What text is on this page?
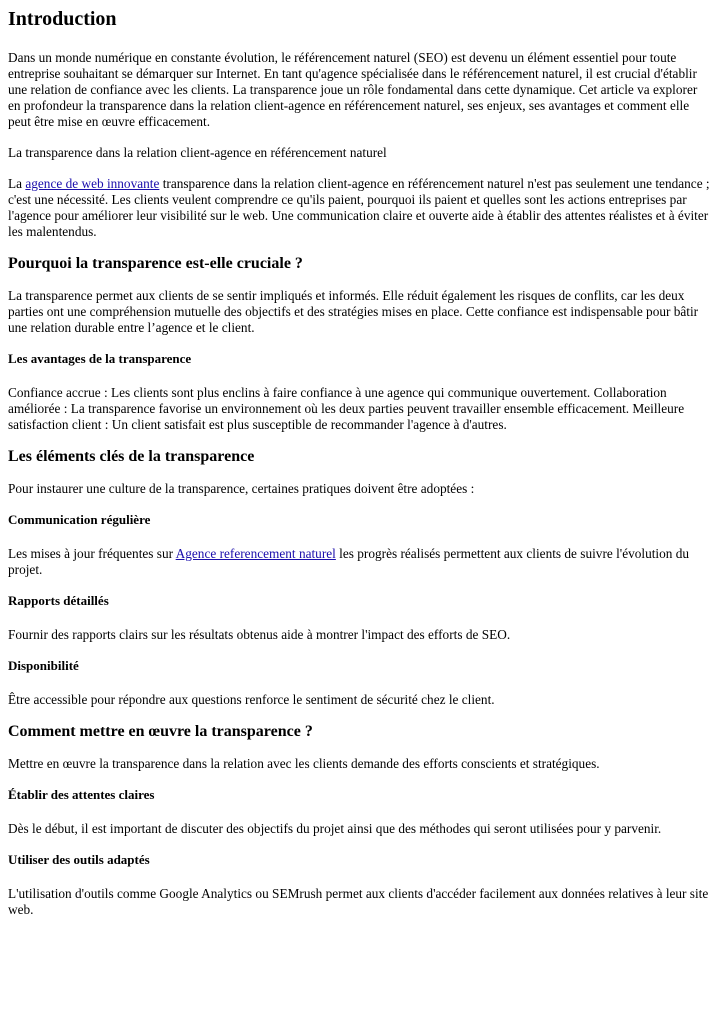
Introduction

Dans un monde numérique en constante évolution, le référencement naturel (SEO) est devenu un élément essentiel pour toute entreprise souhaitant se démarquer sur Internet. En tant qu'agence spécialisée dans le référencement naturel, il est crucial d'établir une relation de confiance avec les clients. La transparence joue un rôle fondamental dans cette dynamique. Cet article va explorer en profondeur la transparence dans la relation client-agence en référencement naturel, ses enjeux, ses avantages et comment elle peut être mise en œuvre efficacement.

La transparence dans la relation client-agence en référencement naturel

La agence de web innovante transparence dans la relation client-agence en référencement naturel n'est pas seulement une tendance ; c'est une nécessité. Les clients veulent comprendre ce qu'ils paient, pourquoi ils paient et quelles sont les actions entreprises par l'agence pour améliorer leur visibilité sur le web. Une communication claire et ouverte aide à établir des attentes réalistes et à éviter les malentendus.

Pourquoi la transparence est-elle cruciale ?

La transparence permet aux clients de se sentir impliqués et informés. Elle réduit également les risques de conflits, car les deux parties ont une compréhension mutuelle des objectifs et des stratégies mises en place. Cette confiance est indispensable pour bâtir une relation durable entre l’agence et le client.

Les avantages de la transparence

Confiance accrue : Les clients sont plus enclins à faire confiance à une agence qui communique ouvertement. Collaboration améliorée : La transparence favorise un environnement où les deux parties peuvent travailler ensemble efficacement. Meilleure satisfaction client : Un client satisfait est plus susceptible de recommander l'agence à d'autres.

Les éléments clés de la transparence

Pour instaurer une culture de la transparence, certaines pratiques doivent être adoptées :

Communication régulière

Les mises à jour fréquentes sur Agence referencement naturel les progrès réalisés permettent aux clients de suivre l'évolution du projet.

Rapports détaillés

Fournir des rapports clairs sur les résultats obtenus aide à montrer l'impact des efforts de SEO.

Disponibilité

Être accessible pour répondre aux questions renforce le sentiment de sécurité chez le client.

Comment mettre en œuvre la transparence ?

Mettre en œuvre la transparence dans la relation avec les clients demande des efforts conscients et stratégiques.

Établir des attentes claires

Dès le début, il est important de discuter des objectifs du projet ainsi que des méthodes qui seront utilisées pour y parvenir.

Utiliser des outils adaptés

L'utilisation d'outils comme Google Analytics ou SEMrush permet aux clients d'accéder facilement aux données relatives à leur site web.
